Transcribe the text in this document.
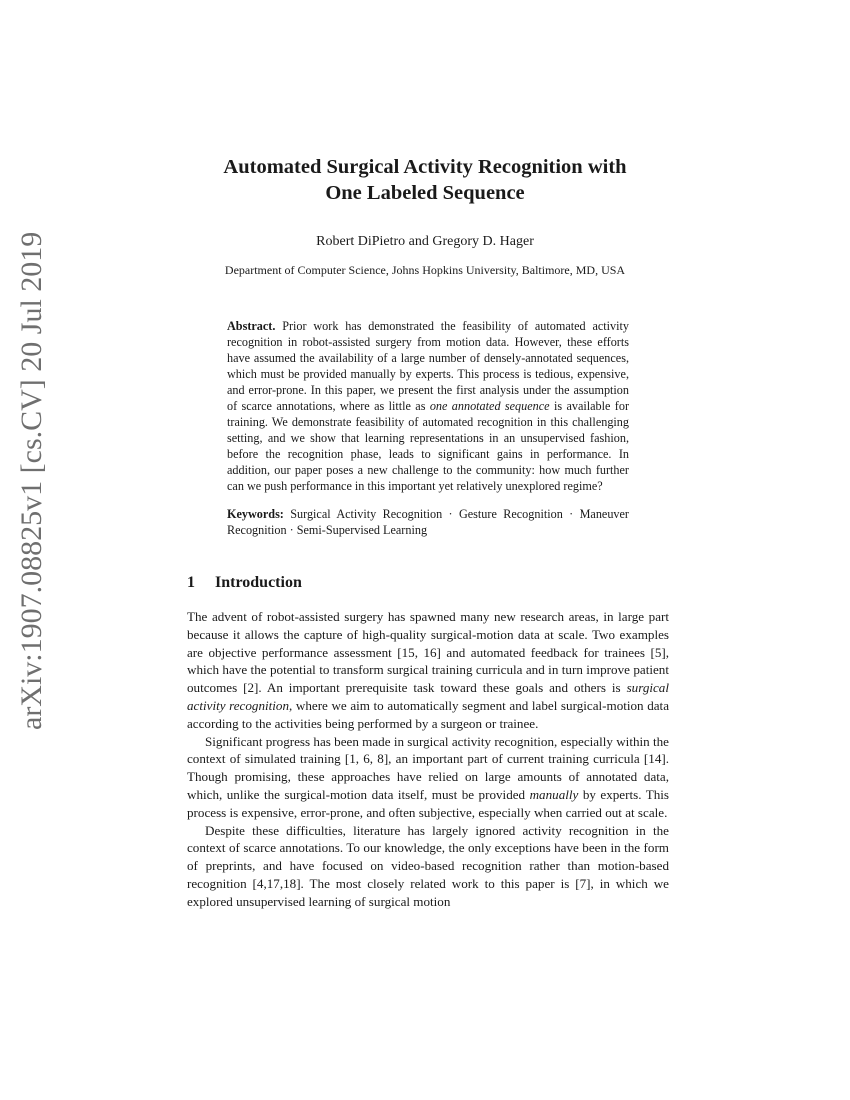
arXiv:1907.08825v1 [cs.CV] 20 Jul 2019
Automated Surgical Activity Recognition with
One Labeled Sequence
Robert DiPietro and Gregory D. Hager
Department of Computer Science, Johns Hopkins University, Baltimore, MD, USA

Abstract. Prior work has demonstrated the feasibility of automated activity recognition in robot-assisted surgery from motion data. However, these efforts have assumed the availability of a large number of densely-annotated sequences, which must be provided manually by experts. This process is tedious, expensive, and error-prone. In this paper, we present the first analysis under the assumption of scarce annotations, where as little as one annotated sequence is available for training. We demonstrate feasibility of automated recognition in this challenging setting, and we show that learning representations in an unsupervised fashion, before the recognition phase, leads to significant gains in performance. In addition, our paper poses a new challenge to the community: how much further can we push performance in this important yet relatively unexplored regime?

Keywords: Surgical Activity Recognition · Gesture Recognition · Maneuver Recognition · Semi-Supervised Learning

1 Introduction

The advent of robot-assisted surgery has spawned many new research areas, in large part because it allows the capture of high-quality surgical-motion data at scale. Two examples are objective performance assessment [15, 16] and automated feedback for trainees [5], which have the potential to transform surgical training curricula and in turn improve patient outcomes [2]. An important prerequisite task toward these goals and others is surgical activity recognition, where we aim to automatically segment and label surgical-motion data according to the activities being performed by a surgeon or trainee.

Significant progress has been made in surgical activity recognition, especially within the context of simulated training [1, 6, 8], an important part of current training curricula [14]. Though promising, these approaches have relied on large amounts of annotated data, which, unlike the surgical-motion data itself, must be provided manually by experts. This process is expensive, error-prone, and often subjective, especially when carried out at scale.

Despite these difficulties, literature has largely ignored activity recognition in the context of scarce annotations. To our knowledge, the only exceptions have been in the form of preprints, and have focused on video-based recognition rather than motion-based recognition [4,17,18]. The most closely related work to this paper is [7], in which we explored unsupervised learning of surgical motion
